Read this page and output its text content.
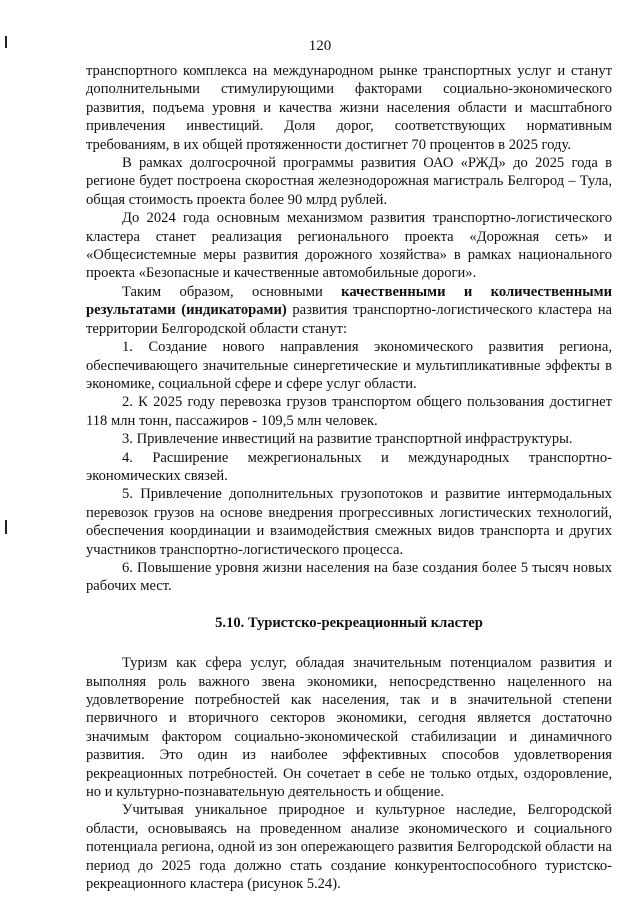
120

транспортного комплекса на международном рынке транспортных услуг и станут дополнительными стимулирующими факторами социально-экономического развития, подъема уровня и качества жизни населения области и масштабного привлечения инвестиций. Доля дорог, соответствующих нормативным требованиям, в их общей протяженности достигнет 70 процентов в 2025 году.

В рамках долгосрочной программы развития ОАО «РЖД» до 2025 года в регионе будет построена скоростная железнодорожная магистраль Белгород – Тула, общая стоимость проекта более 90 млрд рублей.

До 2024 года основным механизмом развития транспортно-логистического кластера станет реализация регионального проекта «Дорожная сеть» и «Общесистемные меры развития дорожного хозяйства» в рамках национального проекта «Безопасные и качественные автомобильные дороги».

Таким образом, основными качественными и количественными результатами (индикаторами) развития транспортно-логистического кластера на территории Белгородской области станут:

1. Создание нового направления экономического развития региона, обеспечивающего значительные синергетические и мультипликативные эффекты в экономике, социальной сфере и сфере услуг области.

2. К 2025 году перевозка грузов транспортом общего пользования достигнет 118 млн тонн, пассажиров - 109,5 млн человек.

3. Привлечение инвестиций на развитие транспортной инфраструктуры.

4. Расширение межрегиональных и международных транспортно-экономических связей.

5. Привлечение дополнительных грузопотоков и развитие интермодальных перевозок грузов на основе внедрения прогрессивных логистических технологий, обеспечения координации и взаимодействия смежных видов транспорта и других участников транспортно-логистического процесса.

6. Повышение уровня жизни населения на базе создания более 5 тысяч новых рабочих мест.

5.10. Туристско-рекреационный кластер

Туризм как сфера услуг, обладая значительным потенциалом развития и выполняя роль важного звена экономики, непосредственно нацеленного на удовлетворение потребностей как населения, так и в значительной степени первичного и вторичного секторов экономики, сегодня является достаточно значимым фактором социально-экономической стабилизации и динамичного развития. Это один из наиболее эффективных способов удовлетворения рекреационных потребностей. Он сочетает в себе не только отдых, оздоровление, но и культурно-познавательную деятельность и общение.

Учитывая уникальное природное и культурное наследие, Белгородской области, основываясь на проведенном анализе экономического и социального потенциала региона, одной из зон опережающего развития Белгородской области на период до 2025 года должно стать создание конкурентоспособного туристско-рекреационного кластера (рисунок 5.24).
